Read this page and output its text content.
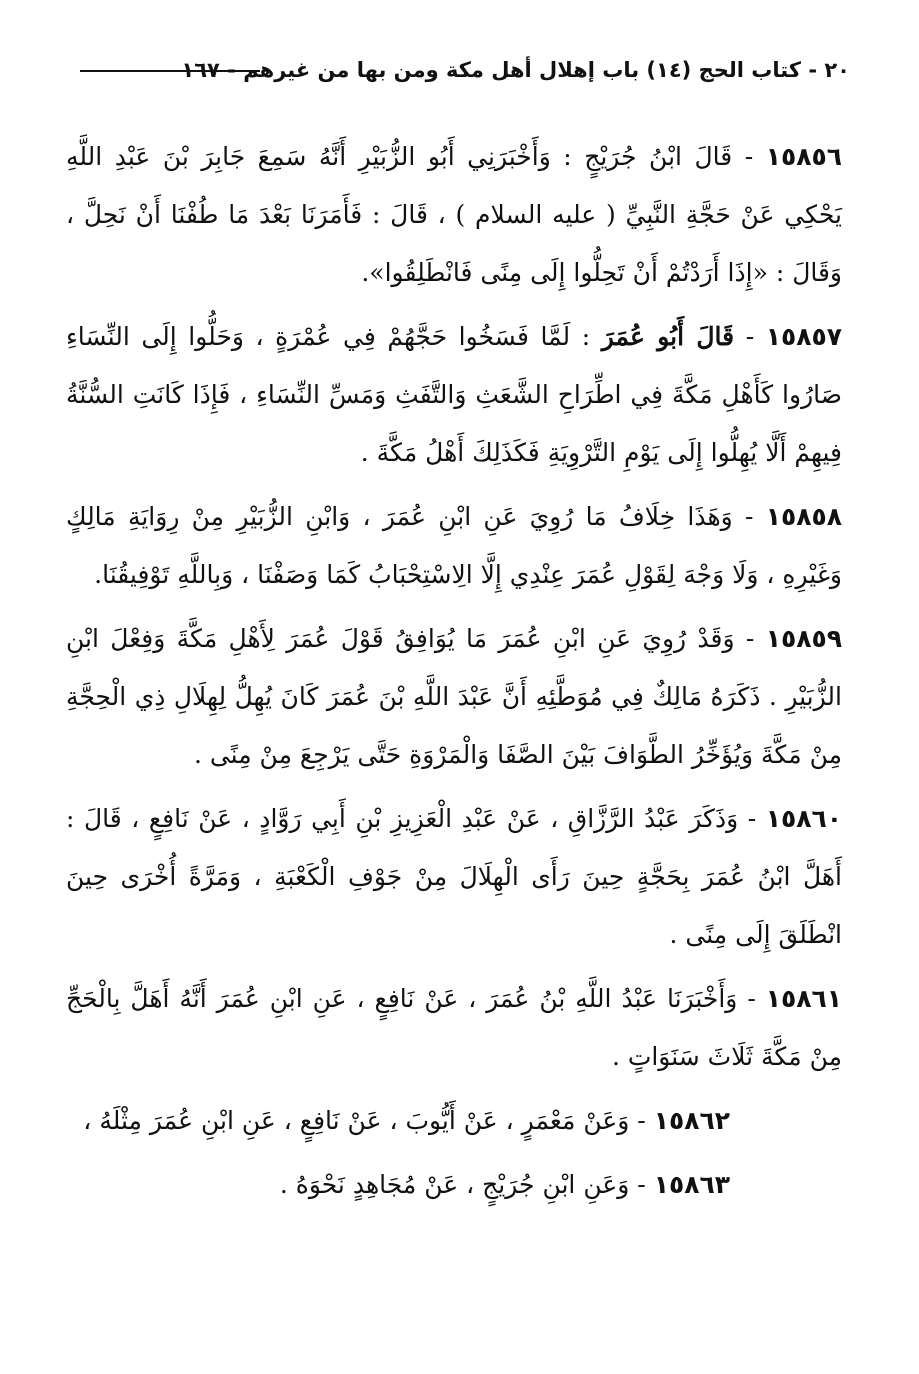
٢٠ - كتاب الحج (١٤) باب إهلال أهل مكة ومن بها من غيرهم - ١٦٧

١٥٨٥٦ - قَالَ ابْنُ جُرَيْجٍ : وَأَخْبَرَنِي أَبُو الزُّبَيْرِ أَنَّهُ سَمِعَ جَابِرَ بْنَ عَبْدِ اللَّهِ يَحْكِي عَنْ حَجَّةِ النَّبِيِّ ( عليه السلام ) ، قَالَ : فَأَمَرَنَا بَعْدَ مَا طُفْنَا أَنْ نَحِلَّ ، وَقَالَ : «إِذَا أَرَدْتُمْ أَنْ تَحِلُّوا إِلَى مِنًى فَانْطَلِقُوا».

١٥٨٥٧ - قَالَ أَبُو عُمَرَ : لَمَّا فَسَخُوا حَجَّهُمْ فِي عُمْرَةٍ ، وَحَلُّوا إِلَى النِّسَاءِ صَارُوا كَأَهْلِ مَكَّةَ فِي اطِّرَاحِ الشَّعَثِ وَالتَّفَثِ وَمَسِّ النِّسَاءِ ، فَإِذَا كَانَتِ السُّنَّةُ فِيهِمْ أَلَّا يُهِلُّوا إِلَى يَوْمِ التَّرْوِيَةِ فَكَذَلِكَ أَهْلُ مَكَّةَ .

١٥٨٥٨ - وَهَذَا خِلَافُ مَا رُوِيَ عَنِ ابْنِ عُمَرَ ، وَابْنِ الزُّبَيْرِ مِنْ رِوَايَةِ مَالِكٍ وَغَيْرِهِ ، وَلَا وَجْهَ لِقَوْلِ عُمَرَ عِنْدِي إِلَّا الِاسْتِحْبَابُ كَمَا وَصَفْنَا ، وَبِاللَّهِ تَوْفِيقُنَا.

١٥٨٥٩ - وَقَدْ رُوِيَ عَنِ ابْنِ عُمَرَ مَا يُوَافِقُ قَوْلَ عُمَرَ لِأَهْلِ مَكَّةَ وَفِعْلَ ابْنِ الزُّبَيْرِ . ذَكَرَهُ مَالِكٌ فِي مُوَطَّئِهِ أَنَّ عَبْدَ اللَّهِ بْنَ عُمَرَ كَانَ يُهِلُّ لِهِلَالِ ذِي الْحِجَّةِ مِنْ مَكَّةَ وَيُؤَخِّرُ الطَّوَافَ بَيْنَ الصَّفَا وَالْمَرْوَةِ حَتَّى يَرْجِعَ مِنْ مِنًى .

١٥٨٦٠ - وَذَكَرَ عَبْدُ الرَّزَّاقِ ، عَنْ عَبْدِ الْعَزِيزِ بْنِ أَبِي رَوَّادٍ ، عَنْ نَافِعٍ ، قَالَ : أَهَلَّ ابْنُ عُمَرَ بِحَجَّةٍ حِينَ رَأَى الْهِلَالَ مِنْ جَوْفِ الْكَعْبَةِ ، وَمَرَّةً أُخْرَى حِينَ انْطَلَقَ إِلَى مِنًى .

١٥٨٦١ - وَأَخْبَرَنَا عَبْدُ اللَّهِ بْنُ عُمَرَ ، عَنْ نَافِعٍ ، عَنِ ابْنِ عُمَرَ أَنَّهُ أَهَلَّ بِالْحَجِّ مِنْ مَكَّةَ ثَلَاثَ سَنَوَاتٍ .

١٥٨٦٢ - وَعَنْ مَعْمَرٍ ، عَنْ أَيُّوبَ ، عَنْ نَافِعٍ ، عَنِ ابْنِ عُمَرَ مِثْلَهُ ،

١٥٨٦٣ - وَعَنِ ابْنِ جُرَيْجٍ ، عَنْ مُجَاهِدٍ نَحْوَهُ .
